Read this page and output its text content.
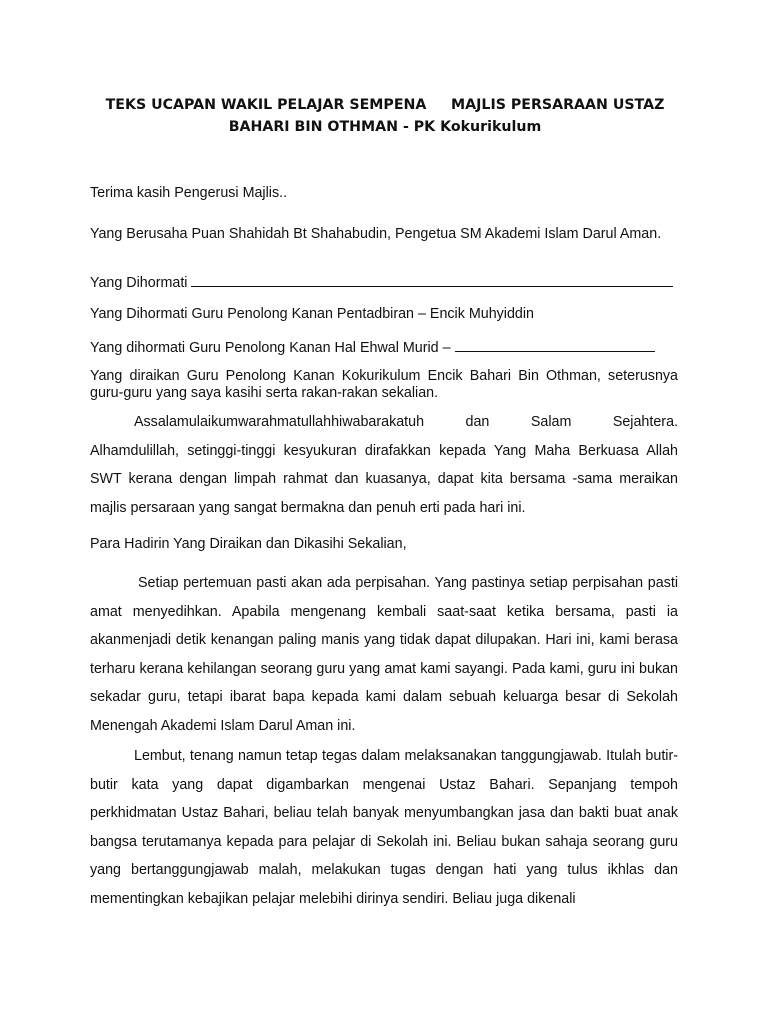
TEKS UCAPAN WAKIL PELAJAR SEMPENA     MAJLIS PERSARAAN USTAZ
BAHARI BIN OTHMAN - PK Kokurikulum

Terima kasih Pengerusi Majlis..

Yang Berusaha Puan Shahidah Bt Shahabudin, Pengetua SM Akademi Islam Darul Aman.

Yang Dihormati

Yang Dihormati Guru Penolong Kanan Pentadbiran – Encik Muhyiddin

Yang dihormati Guru Penolong Kanan Hal Ehwal Murid –

Yang diraikan Guru Penolong Kanan Kokurikulum Encik Bahari Bin Othman, seterusnya guru-guru yang saya kasihi serta rakan-rakan sekalian.

Assalamulaikumwarahmatullahhiwabarakatuh	dan	Salam	Sejahtera.
Alhamdulillah, setinggi-tinggi kesyukuran dirafakkan kepada Yang Maha Berkuasa Allah SWT kerana dengan limpah rahmat dan kuasanya, dapat kita bersama -sama meraikan majlis persaraan yang sangat bermakna dan penuh erti pada hari ini.

Para Hadirin Yang Diraikan dan Dikasihi Sekalian,

Setiap pertemuan pasti akan ada perpisahan. Yang pastinya setiap perpisahan pasti amat menyedihkan. Apabila mengenang kembali saat-saat ketika bersama, pasti ia akanmenjadi detik kenangan paling manis yang tidak dapat dilupakan. Hari ini, kami berasa terharu kerana kehilangan seorang guru yang amat kami sayangi. Pada kami, guru ini bukan sekadar guru, tetapi ibarat bapa kepada kami dalam sebuah keluarga besar di Sekolah Menengah Akademi Islam Darul Aman ini.

Lembut, tenang namun tetap tegas dalam melaksanakan tanggungjawab. Itulah butir-butir kata yang dapat digambarkan mengenai Ustaz Bahari. Sepanjang tempoh perkhidmatan Ustaz Bahari, beliau telah banyak menyumbangkan jasa dan bakti buat anak bangsa terutamanya kepada para pelajar di Sekolah ini. Beliau bukan sahaja seorang guru yang bertanggungjawab malah, melakukan tugas dengan hati yang tulus ikhlas dan mementingkan kebajikan pelajar melebihi dirinya sendiri. Beliau juga dikenali
